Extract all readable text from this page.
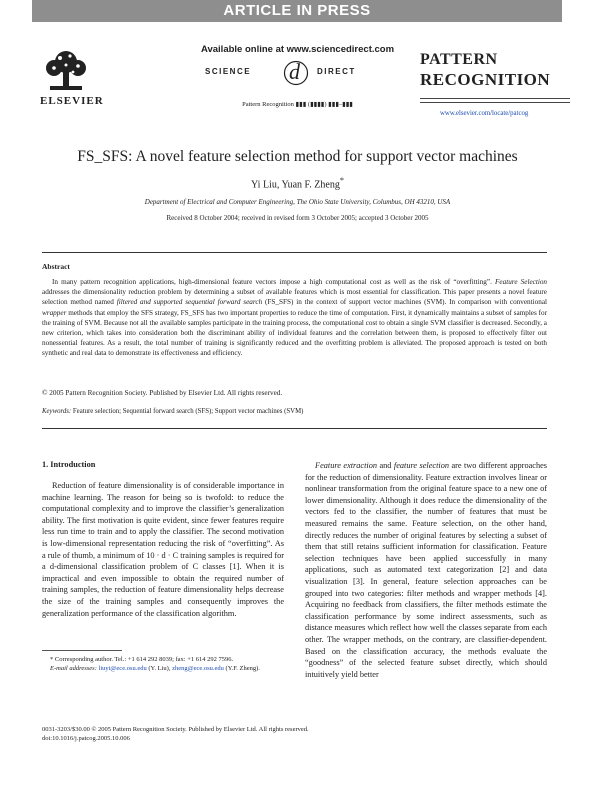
ARTICLE IN PRESS
ELSEVIER
Available online at www.sciencedirect.com
SCIENCE d DIRECT
Pattern Recognition ▮▮▮ (▮▮▮▮) ▮▮▮–▮▮▮
PATTERN
RECOGNITION
www.elsevier.com/locate/patcog
FS_SFS: A novel feature selection method for support vector machines
Yi Liu, Yuan F. Zheng*
Department of Electrical and Computer Engineering, The Ohio State University, Columbus, OH 43210, USA
Received 8 October 2004; received in revised form 3 October 2005; accepted 3 October 2005
Abstract
In many pattern recognition applications, high-dimensional feature vectors impose a high computational cost as well as the risk of “overfitting”. Feature Selection addresses the dimensionality reduction problem by determining a subset of available features which is most essential for classification. This paper presents a novel feature selection method named filtered and supported sequential forward search (FS_SFS) in the context of support vector machines (SVM). In comparison with conventional wrapper methods that employ the SFS strategy, FS_SFS has two important properties to reduce the time of computation. First, it dynamically maintains a subset of samples for the training of SVM. Because not all the available samples participate in the training process, the computational cost to obtain a single SVM classifier is decreased. Secondly, a new criterion, which takes into consideration both the discriminant ability of individual features and the correlation between them, is proposed to effectively filter out nonessential features. As a result, the total number of training is significantly reduced and the overfitting problem is alleviated. The proposed approach is tested on both synthetic and real data to demonstrate its effectiveness and efficiency.
© 2005 Pattern Recognition Society. Published by Elsevier Ltd. All rights reserved.
Keywords: Feature selection; Sequential forward search (SFS); Support vector machines (SVM)
1. Introduction

Reduction of feature dimensionality is of considerable importance in machine learning. The reason for being so is twofold: to reduce the computational complexity and to improve the classifier’s generalization ability. The first motivation is quite evident, since fewer features require less run time to train and to apply the classifier. The second motivation is low-dimensional representation reducing the risk of “overfitting”. As a rule of thumb, a minimum of 10 · d · C training samples is required for a d-dimensional classification problem of C classes [1]. When it is impractical and even impossible to obtain the required number of training samples, the reduction of feature dimensionality helps decrease the size of the training samples and consequently improves the generalization performance of the classification algorithm.

Feature extraction and feature selection are two different approaches for the reduction of dimensionality. Feature extraction involves linear or nonlinear transformation from the original feature space to a new one of lower dimensionality. Although it does reduce the dimensionality of the vectors fed to the classifier, the number of features that must be measured remains the same. Feature selection, on the other hand, directly reduces the number of original features by selecting a subset of them that still retains sufficient information for classification. Feature selection techniques have been applied successfully in many applications, such as automated text categorization [2] and data visualization [3]. In general, feature selection approaches can be grouped into two categories: filter methods and wrapper methods [4]. Acquiring no feedback from classifiers, the filter methods estimate the classification performance by some indirect assessments, such as distance measures which reflect how well the classes separate from each other. The wrapper methods, on the contrary, are classifier-dependent. Based on the classification accuracy, the methods evaluate the “goodness” of the selected feature subset directly, which should intuitively yield better

* Corresponding author. Tel.: +1 614 292 8039; fax: +1 614 292 7596.

E-mail addresses: liuyi@ece.osu.edu (Y. Liu), zheng@ece.osu.edu (Y.F. Zheng).

0031-3203/$30.00 © 2005 Pattern Recognition Society. Published by Elsevier Ltd. All rights reserved.
doi:10.1016/j.patcog.2005.10.006
